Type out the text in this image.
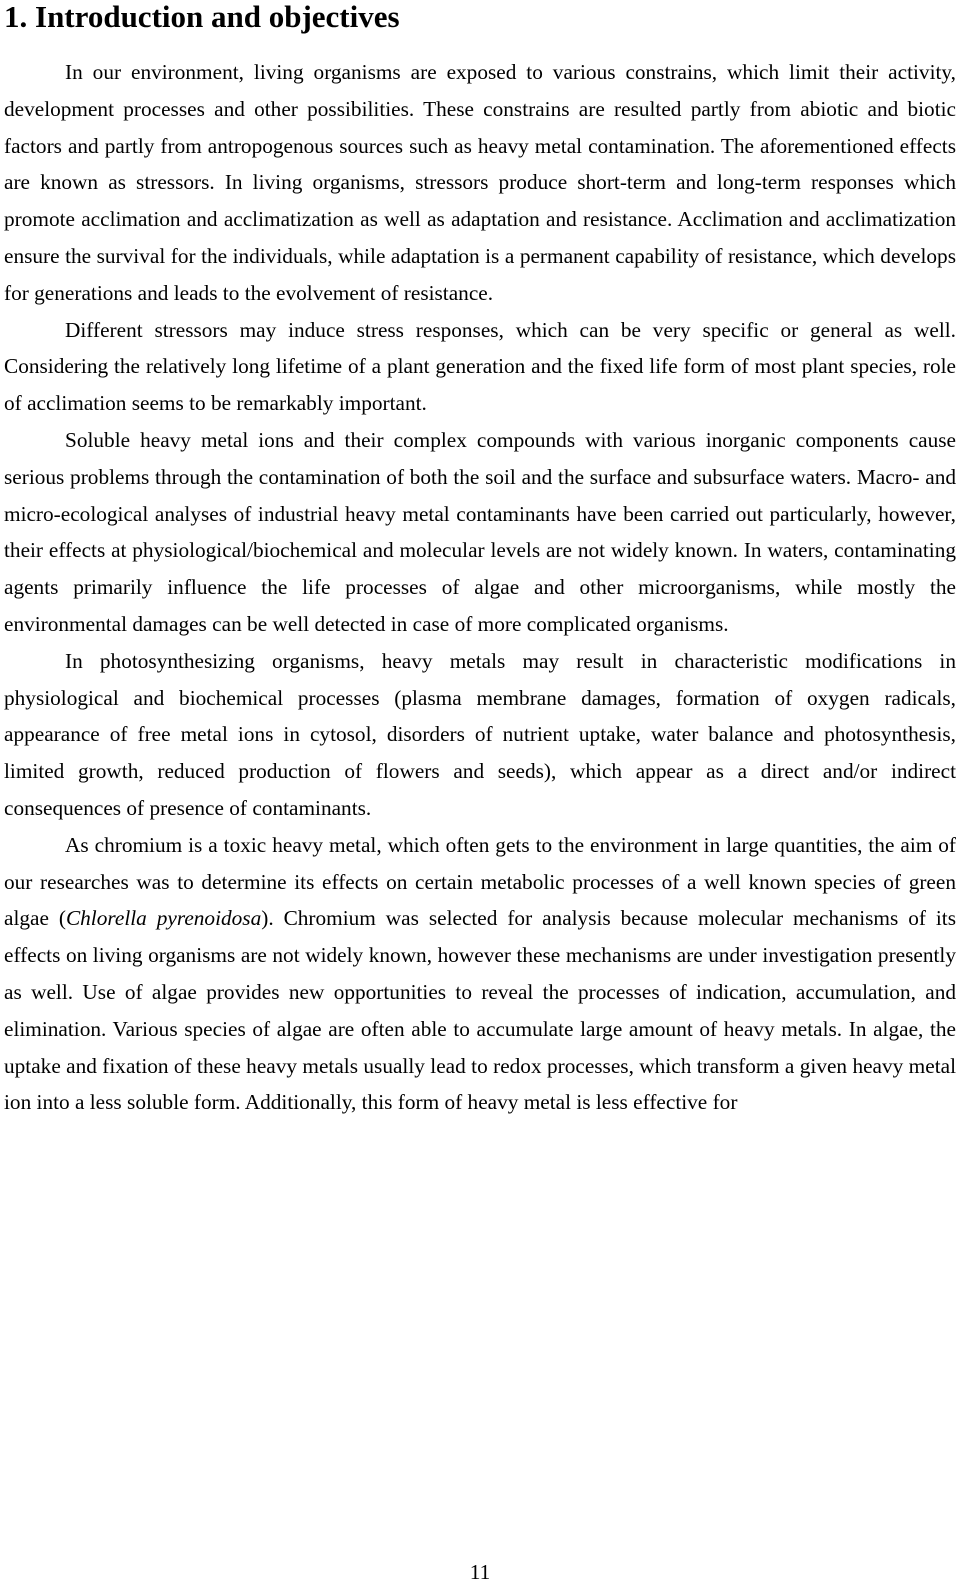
1. Introduction and objectives

In our environment, living organisms are exposed to various constrains, which limit their activity, development processes and other possibilities. These constrains are resulted partly from abiotic and biotic factors and partly from antropogenous sources such as heavy metal contamination. The aforementioned effects are known as stressors. In living organisms, stressors produce short-term and long-term responses which promote acclimation and acclimatization as well as adaptation and resistance. Acclimation and acclimatization ensure the survival for the individuals, while adaptation is a permanent capability of resistance, which develops for generations and leads to the evolvement of resistance.

Different stressors may induce stress responses, which can be very specific or general as well. Considering the relatively long lifetime of a plant generation and the fixed life form of most plant species, role of acclimation seems to be remarkably important.

Soluble heavy metal ions and their complex compounds with various inorganic components cause serious problems through the contamination of both the soil and the surface and subsurface waters. Macro- and micro-ecological analyses of industrial heavy metal contaminants have been carried out particularly, however, their effects at physiological/biochemical and molecular levels are not widely known. In waters, contaminating agents primarily influence the life processes of algae and other microorganisms, while mostly the environmental damages can be well detected in case of more complicated organisms.

In photosynthesizing organisms, heavy metals may result in characteristic modifications in physiological and biochemical processes (plasma membrane damages, formation of oxygen radicals, appearance of free metal ions in cytosol, disorders of nutrient uptake, water balance and photosynthesis, limited growth, reduced production of flowers and seeds), which appear as a direct and/or indirect consequences of presence of contaminants.

As chromium is a toxic heavy metal, which often gets to the environment in large quantities, the aim of our researches was to determine its effects on certain metabolic processes of a well known species of green algae (Chlorella pyrenoidosa). Chromium was selected for analysis because molecular mechanisms of its effects on living organisms are not widely known, however these mechanisms are under investigation presently as well. Use of algae provides new opportunities to reveal the processes of indication, accumulation, and elimination. Various species of algae are often able to accumulate large amount of heavy metals. In algae, the uptake and fixation of these heavy metals usually lead to redox processes, which transform a given heavy metal ion into a less soluble form. Additionally, this form of heavy metal is less effective for

11
